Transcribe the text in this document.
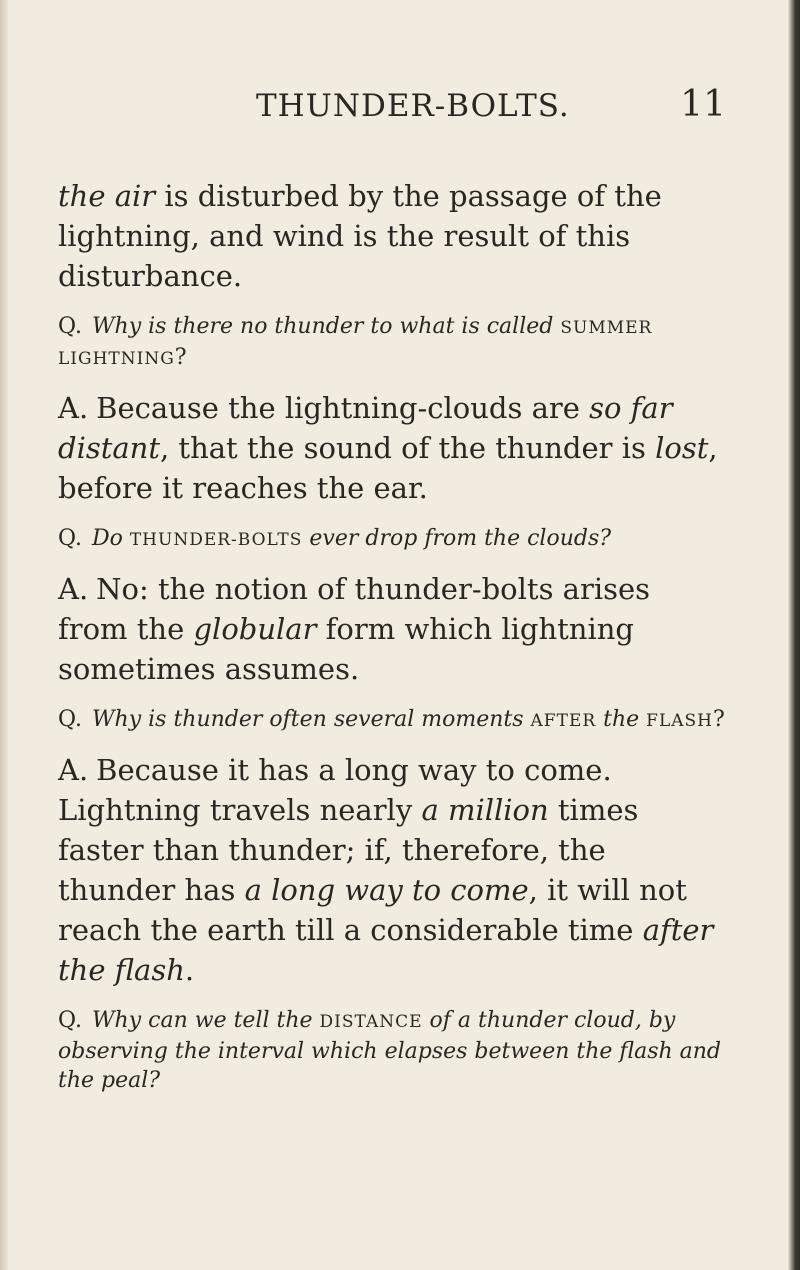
THUNDER-BOLTS.	11

the air is disturbed by the passage of the lightning, and wind is the result of this disturbance.

Q. Why is there no thunder to what is called SUMMER LIGHTNING?

A. Because the lightning-clouds are so far distant, that the sound of the thunder is lost, before it reaches the ear.

Q. Do THUNDER-BOLTS ever drop from the clouds?

A. No: the notion of thunder-bolts arises from the globular form which lightning sometimes assumes.

Q. Why is thunder often several moments AFTER the FLASH?

A. Because it has a long way to come. Lightning travels nearly a million times faster than thunder; if, therefore, the thunder has a long way to come, it will not reach the earth till a considerable time after the flash.

Q. Why can we tell the DISTANCE of a thunder cloud, by observing the interval which elapses between the flash and the peal?
